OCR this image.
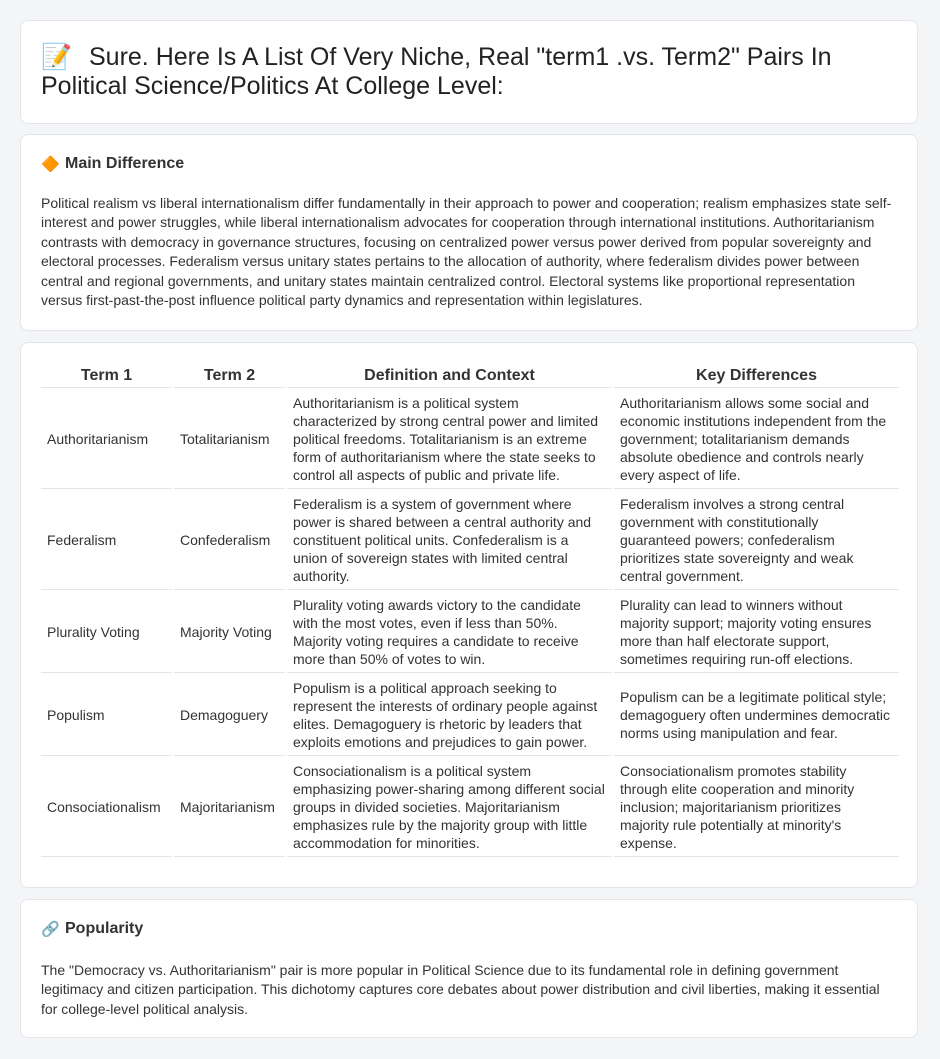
📝 Sure. Here Is A List Of Very Niche, Real "term1 .vs. Term2" Pairs In Political Science/Politics At College Level:
🔶 Main Difference
Political realism vs liberal internationalism differ fundamentally in their approach to power and cooperation; realism emphasizes state self-interest and power struggles, while liberal internationalism advocates for cooperation through international institutions. Authoritarianism contrasts with democracy in governance structures, focusing on centralized power versus power derived from popular sovereignty and electoral processes. Federalism versus unitary states pertains to the allocation of authority, where federalism divides power between central and regional governments, and unitary states maintain centralized control. Electoral systems like proportional representation versus first-past-the-post influence political party dynamics and representation within legislatures.
Term 1	Term 2	Definition and Context	Key Differences
Authoritarianism	Totalitarianism	Authoritarianism is a political system characterized by strong central power and limited political freedoms. Totalitarianism is an extreme form of authoritarianism where the state seeks to control all aspects of public and private life.	Authoritarianism allows some social and economic institutions independent from the government; totalitarianism demands absolute obedience and controls nearly every aspect of life.
Federalism	Confederalism	Federalism is a system of government where power is shared between a central authority and constituent political units. Confederalism is a union of sovereign states with limited central authority.	Federalism involves a strong central government with constitutionally guaranteed powers; confederalism prioritizes state sovereignty and weak central government.
Plurality Voting	Majority Voting	Plurality voting awards victory to the candidate with the most votes, even if less than 50%. Majority voting requires a candidate to receive more than 50% of votes to win.	Plurality can lead to winners without majority support; majority voting ensures more than half electorate support, sometimes requiring run-off elections.
Populism	Demagoguery	Populism is a political approach seeking to represent the interests of ordinary people against elites. Demagoguery is rhetoric by leaders that exploits emotions and prejudices to gain power.	Populism can be a legitimate political style; demagoguery often undermines democratic norms using manipulation and fear.
Consociationalism	Majoritarianism	Consociationalism is a political system emphasizing power-sharing among different social groups in divided societies. Majoritarianism emphasizes rule by the majority group with little accommodation for minorities.	Consociationalism promotes stability through elite cooperation and minority inclusion; majoritarianism prioritizes majority rule potentially at minority's expense.
🔗 Popularity
The "Democracy vs. Authoritarianism" pair is more popular in Political Science due to its fundamental role in defining government legitimacy and citizen participation. This dichotomy captures core debates about power distribution and civil liberties, making it essential for college-level political analysis.
